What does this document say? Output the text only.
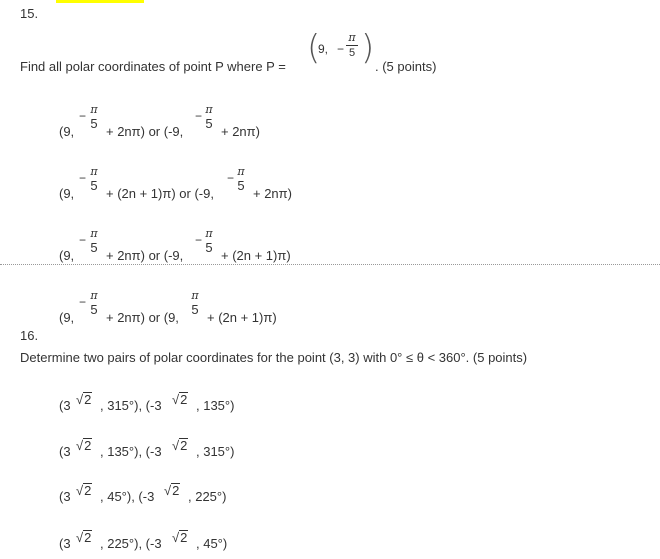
15.
Find all polar coordinates of point P where P = (
9, −
π
5 ) . (5 points)
(9,
− π
5
+ 2nπ) or (-9,
− π
5
+ 2nπ)
(9,
− π
5
+ (2n + 1)π) or (-9,
− π
5
+ 2nπ)
(9,
− π
5
+ 2nπ) or (-9,
− π
5
+ (2n + 1)π)
(9,
− π
5
+ 2nπ) or (9,
π
5
+ (2n + 1)π)
16.
Determine two pairs of polar coordinates for the point (3, 3) with 0° ≤ θ < 360°. (5 points)
(3 √2 , 315°), (-3 √2 , 135°)
(3 √2 , 135°), (-3 √2 , 315°)
(3 √2 , 45°), (-3 √2 , 225°)
(3 √2 , 225°), (-3 √2 , 45°)
